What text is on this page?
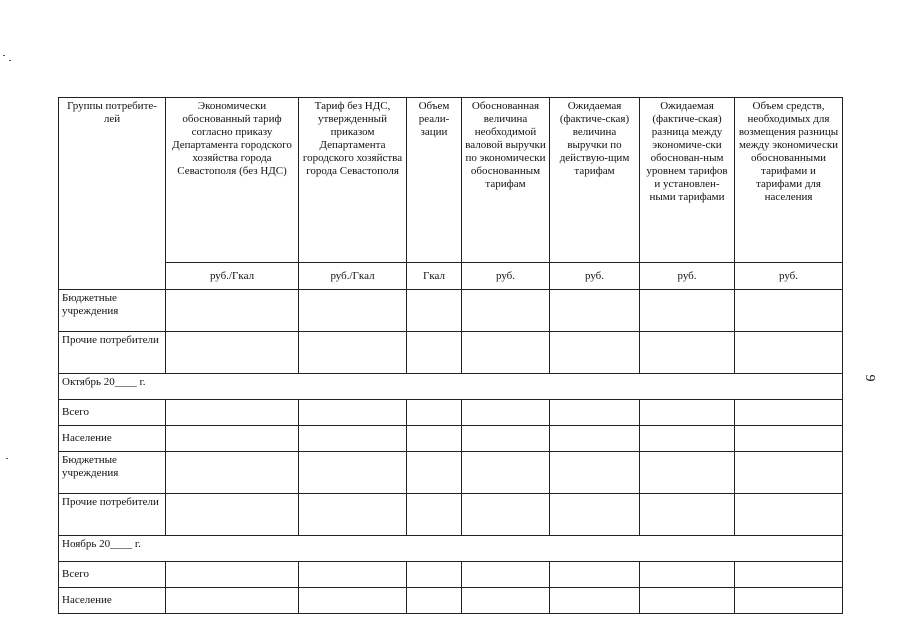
Группы потребите-лей	Экономически обоснованный тариф согласно приказу Департамента городского хозяйства города Севастополя (без НДС)	Тариф без НДС, утвержденный приказом Департамента городского хозяйства города Севастополя	Объем реали-зации	Обоснованная величина необходимой валовой выручки по экономически обоснованным тарифам	Ожидаемая (фактиче-ская) величина выручки по действую-щим тарифам	Ожидаемая (фактиче-ская) разница между экономиче-ски обоснован-ным уровнем тарифов и установлен-ными тарифами	Объем средств, необходимых для возмещения разницы между экономически обоснованными тарифами и тарифами для населения
	руб./Гкал	руб./Гкал	Гкал	руб.	руб.	руб.	руб.
Бюджетные учреждения							
Прочие потребители							
Октябрь 20____ г.							
Всего							
Население							
Бюджетные учреждения							
Прочие потребители							
Ноябрь 20____ г.							
Всего							
Население							
9
